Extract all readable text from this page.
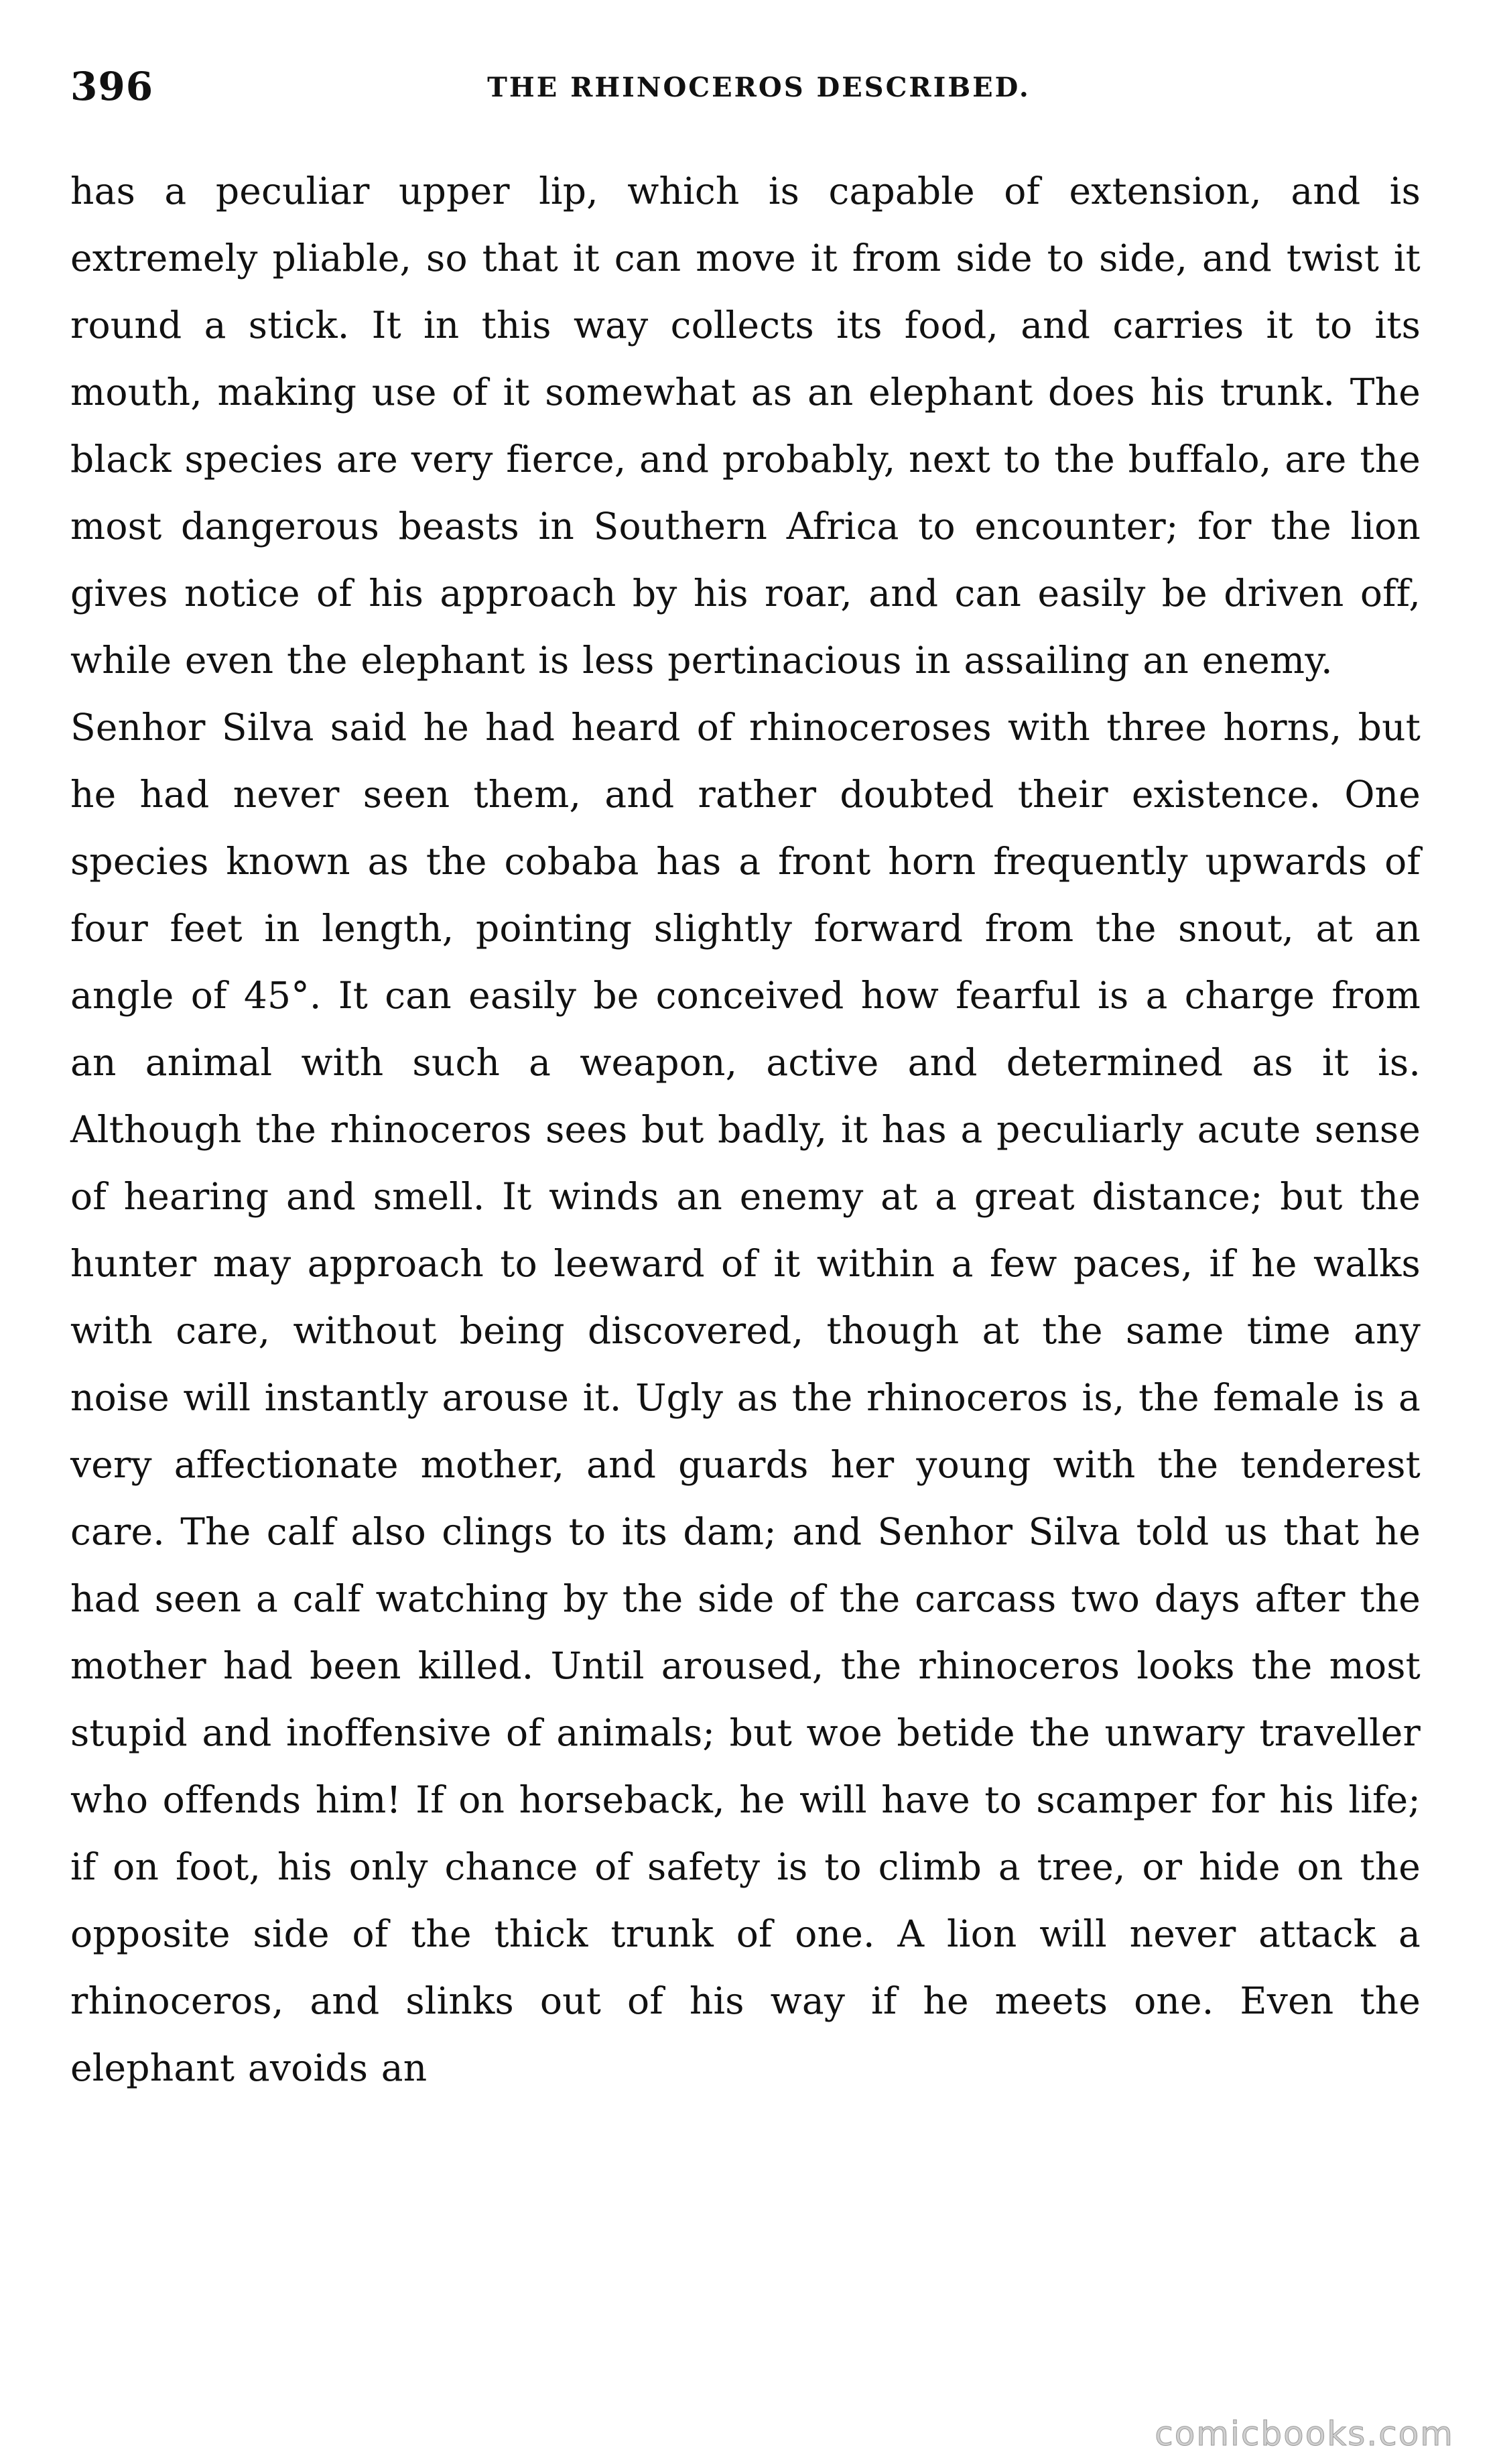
396	THE RHINOCEROS DESCRIBED.

has a peculiar upper lip, which is capable of extension, and is extremely pliable, so that it can move it from side to side, and twist it round a stick. It in this way collects its food, and carries it to its mouth, making use of it somewhat as an elephant does his trunk. The black species are very fierce, and probably, next to the buffalo, are the most dangerous beasts in Southern Africa to encounter; for the lion gives notice of his approach by his roar, and can easily be driven off, while even the elephant is less pertinacious in assailing an enemy.

Senhor Silva said he had heard of rhinoceroses with three horns, but he had never seen them, and rather doubted their existence. One species known as the cobaba has a front horn frequently upwards of four feet in length, pointing slightly forward from the snout, at an angle of 45°. It can easily be conceived how fearful is a charge from an animal with such a weapon, active and determined as it is. Although the rhinoceros sees but badly, it has a peculiarly acute sense of hearing and smell. It winds an enemy at a great distance; but the hunter may approach to leeward of it within a few paces, if he walks with care, without being discovered, though at the same time any noise will instantly arouse it. Ugly as the rhinoceros is, the female is a very affectionate mother, and guards her young with the tenderest care. The calf also clings to its dam; and Senhor Silva told us that he had seen a calf watching by the side of the carcass two days after the mother had been killed. Until aroused, the rhinoceros looks the most stupid and inoffensive of animals; but woe betide the unwary traveller who offends him! If on horseback, he will have to scamper for his life; if on foot, his only chance of safety is to climb a tree, or hide on the opposite side of the thick trunk of one. A lion will never attack a rhinoceros, and slinks out of his way if he meets one. Even the elephant avoids an

comicbooks.com
